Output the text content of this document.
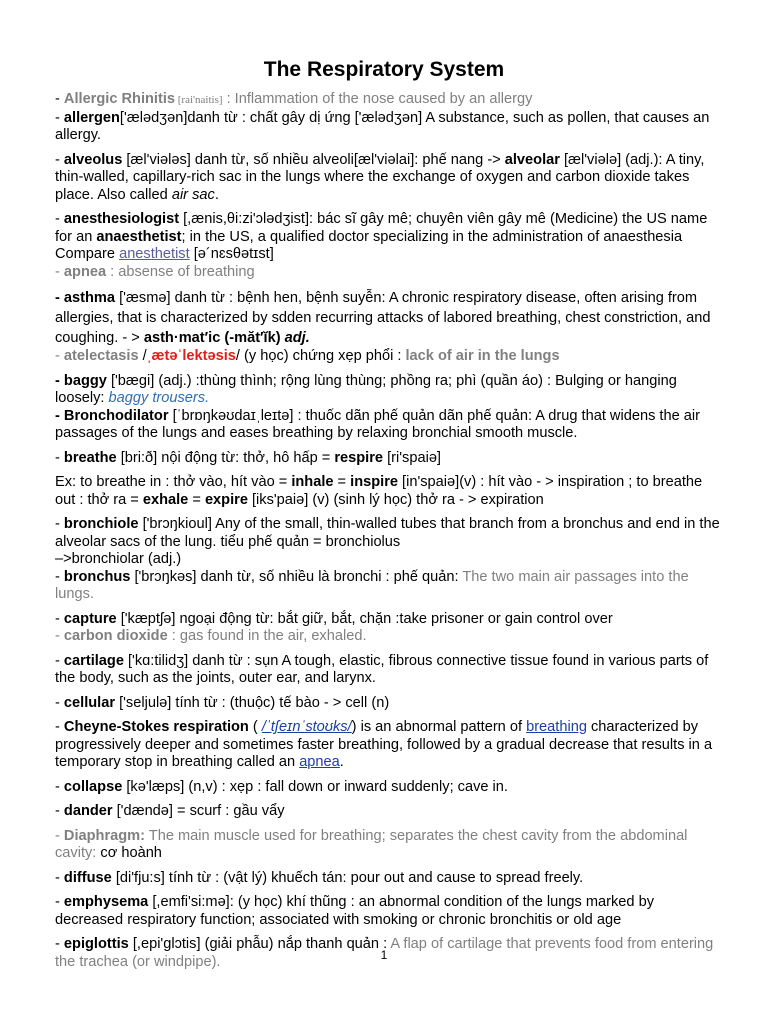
The Respiratory System
- Allergic Rhinitis [rai'naitis] : Inflammation of the nose caused by an allergy
- allergen['ælədʒən]danh từ : chất gây dị ứng ['ælədʒən] A substance, such as pollen, that causes an allergy.
- alveolus [æl'viələs] danh từ, số nhiều alveoli[æl'viəlai]: phế nang -> alveolar [æl'viələ] (adj.): A tiny, thin-walled, capillary-rich sac in the lungs where the exchange of oxygen and carbon dioxide takes place. Also called air sac.
- anesthesiologist [,ænis,θi:zi'ɔlədʒist]: bác sĩ gây mê; chuyên viên gây mê (Medicine) the US name for an anaesthetist; in the US, a qualified doctor specializing in the administration of anaesthesia Compare anesthetist [ə´nɛsθətɪst]
- apnea : absense of breathing
- asthma ['æsmə] danh từ : bệnh hen, bệnh suyễn: A chronic respiratory disease, often arising from allergies, that is characterized by sdden recurring attacks of labored breathing, chest constriction, and coughing. - > asth·mat′ic (-măt′ĭk) adj.
- atelectasis /ˌætəˈlektəsis/ (y học) chứng xẹp phổi : lack of air in the lungs
- baggy ['bægi] (adj.) :thùng thình; rộng lùng thùng; phồng ra; phì (quần áo) : Bulging or hanging loosely: baggy trousers.
- Bronchodilator [ˈbrɒŋkəʊdaɪˌleɪtə] : thuốc dãn phế quản dãn phế quản: A drug that widens the air passages of the lungs and eases breathing by relaxing bronchial smooth muscle.
- breathe [bri:ð] nội động từ: thở, hô hấp = respire [ri'spaiə]
Ex: to breathe in : thở vào, hít vào = inhale = inspire [in'spaiə](v) : hít vào - > inspiration ; to breathe out : thở ra = exhale = expire [iks'paiə] (v) (sinh lý học) thở ra - > expiration
- bronchiole ['brɔŋkioul] Any of the small, thin-walled tubes that branch from a bronchus and end in the alveolar sacs of the lung. tiểu phế quản = bronchiolus
–>bronchiolar (adj.)
- bronchus ['brɔŋkəs] danh từ, số nhiều là bronchi : phế quản: The two main air passages into the lungs.
- capture ['kæptʃə] ngoại động từ: bắt giữ, bắt, chặn :take prisoner or gain control over
- carbon dioxide : gas found in the air, exhaled.
- cartilage ['kɑ:tilidʒ] danh từ : sụn A tough, elastic, fibrous connective tissue found in various parts of the body, such as the joints, outer ear, and larynx.
- cellular ['seljulə] tính từ : (thuộc) tế bào - > cell (n)
- Cheyne-Stokes respiration ( /ˈtʃeɪnˈstoʊks/) is an abnormal pattern of breathing characterized by progressively deeper and sometimes faster breathing, followed by a gradual decrease that results in a temporary stop in breathing called an apnea.
- collapse [kə'læps] (n,v) : xẹp : fall down or inward suddenly; cave in.
- dander ['dændə] = scurf : gầu vẩy
- Diaphragm: The main muscle used for breathing; separates the chest cavity from the abdominal cavity: cơ hoành
- diffuse [di'fju:s] tính từ : (vật lý) khuếch tán: pour out and cause to spread freely.
- emphysema [,emfi'si:mə]: (y học) khí thũng : an abnormal condition of the lungs marked by decreased respiratory function; associated with smoking or chronic bronchitis or old age
- epiglottis [,epi'glɔtis] (giải phẫu) nắp thanh quản : A flap of cartilage that prevents food from entering the trachea (or windpipe).	1
